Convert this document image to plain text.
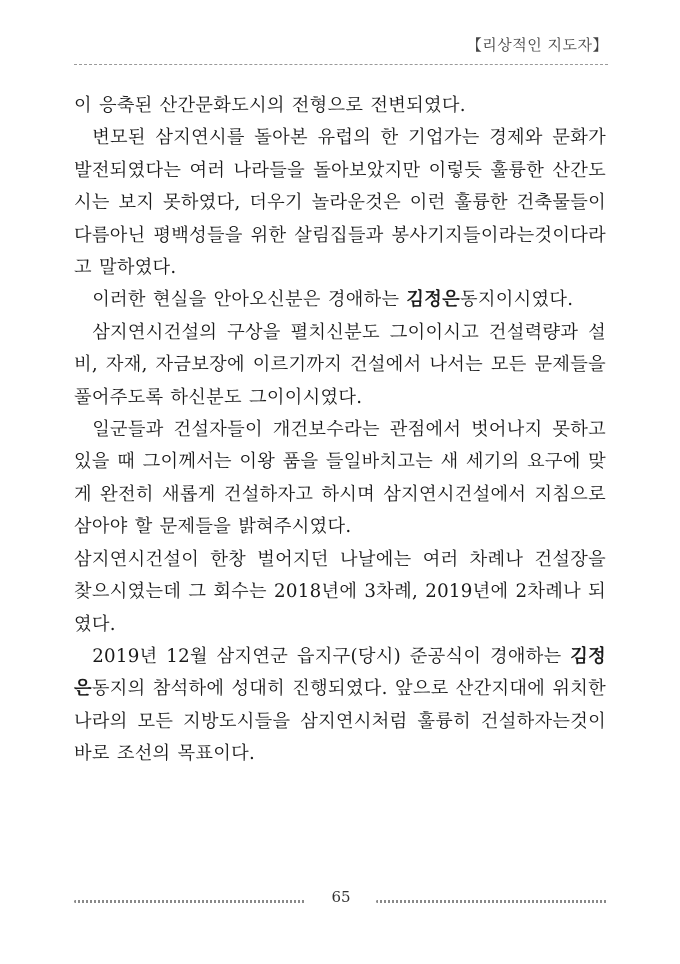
【리상적인 지도자】

이 응축된 산간문화도시의 전형으로 전변되였다.

변모된 삼지연시를 돌아본 유럽의 한 기업가는 경제와 문화가 발전되였다는 여러 나라들을 돌아보았지만 이렇듯 훌륭한 산간도시는 보지 못하였다, 더우기 놀라운것은 이런 훌륭한 건축물들이 다름아닌 평백성들을 위한 살림집들과 봉사기지들이라는것이다라고 말하였다.

이러한 현실을 안아오신분은 경애하는 김정은동지이시였다.

삼지연시건설의 구상을 펼치신분도 그이이시고 건설력량과 설비, 자재, 자금보장에 이르기까지 건설에서 나서는 모든 문제들을 풀어주도록 하신분도 그이이시였다.

일군들과 건설자들이 개건보수라는 관점에서 벗어나지 못하고있을 때 그이께서는 이왕 품을 들일바치고는 새 세기의 요구에 맞게 완전히 새롭게 건설하자고 하시며 삼지연시건설에서 지침으로 삼아야 할 문제들을 밝혀주시였다.

삼지연시건설이 한창 벌어지던 나날에는 여러 차례나 건설장을 찾으시였는데 그 회수는 2018년에 3차례, 2019년에 2차례나 되였다.

2019년 12월 삼지연군 읍지구(당시) 준공식이 경애하는 김정은동지의 참석하에 성대히 진행되였다. 앞으로 산간지대에 위치한 나라의 모든 지방도시들을 삼지연시처럼 훌륭히 건설하자는것이 바로 조선의 목표이다.

65
